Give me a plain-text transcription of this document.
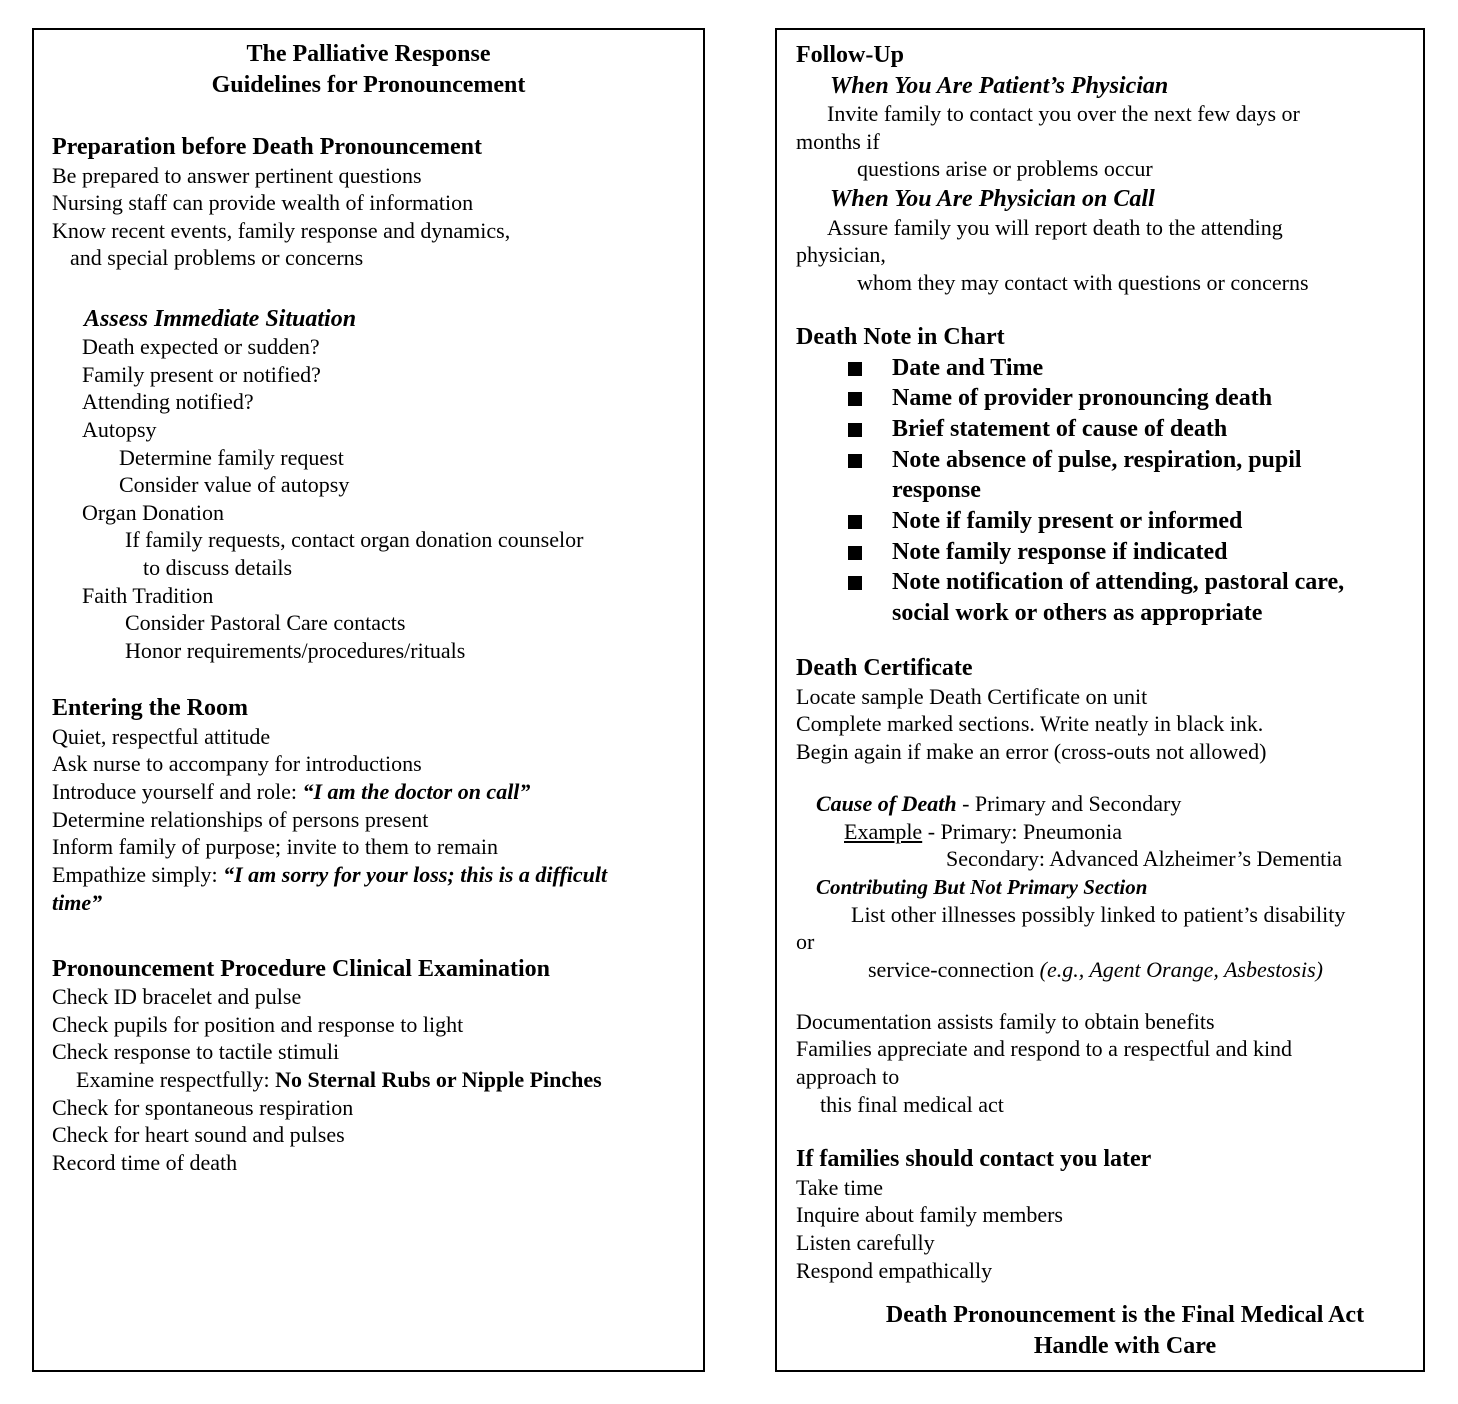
The Palliative Response
Guidelines for Pronouncement
Preparation before Death Pronouncement
Be prepared to answer pertinent questions
Nursing staff can provide wealth of information
Know recent events, family response and dynamics,
and special problems or concerns
Assess Immediate Situation
Death expected or sudden?
Family present or notified?
Attending notified?
Autopsy
Determine family request
Consider value of autopsy
Organ Donation
If family requests, contact organ donation counselor
to discuss details
Faith Tradition
Consider Pastoral Care contacts
Honor requirements/procedures/rituals
Entering the Room
Quiet, respectful attitude
Ask nurse to accompany for introductions
Introduce yourself and role: “I am the doctor on call”
Determine relationships of persons present
Inform family of purpose; invite to them to remain
Empathize simply: “I am sorry for your loss; this is a difficult
time”
Pronouncement Procedure Clinical Examination
Check ID bracelet and pulse
Check pupils for position and response to light
Check response to tactile stimuli
Examine respectfully: No Sternal Rubs or Nipple Pinches
Check for spontaneous respiration
Check for heart sound and pulses
Record time of death
Follow-Up
When You Are Patient’s Physician
Invite family to contact you over the next few days or
months if
questions arise or problems occur
When You Are Physician on Call
Assure family you will report death to the attending
physician,
whom they may contact with questions or concerns
Death Note in Chart
Date and Time
Name of provider pronouncing death
Brief statement of cause of death
Note absence of pulse, respiration, pupil
response
Note if family present or informed
Note family response if indicated
Note notification of attending, pastoral care,
social work or others as appropriate
Death Certificate
Locate sample Death Certificate on unit
Complete marked sections. Write neatly in black ink.
Begin again if make an error (cross-outs not allowed)
Cause of Death - Primary and Secondary
Example - Primary: Pneumonia
Secondary: Advanced Alzheimer’s Dementia
Contributing But Not Primary Section
List other illnesses possibly linked to patient’s disability
or
service-connection (e.g., Agent Orange, Asbestosis)
Documentation assists family to obtain benefits
Families appreciate and respond to a respectful and kind
approach to
this final medical act
If families should contact you later
Take time
Inquire about family members
Listen carefully
Respond empathically
Death Pronouncement is the Final Medical Act
Handle with Care
